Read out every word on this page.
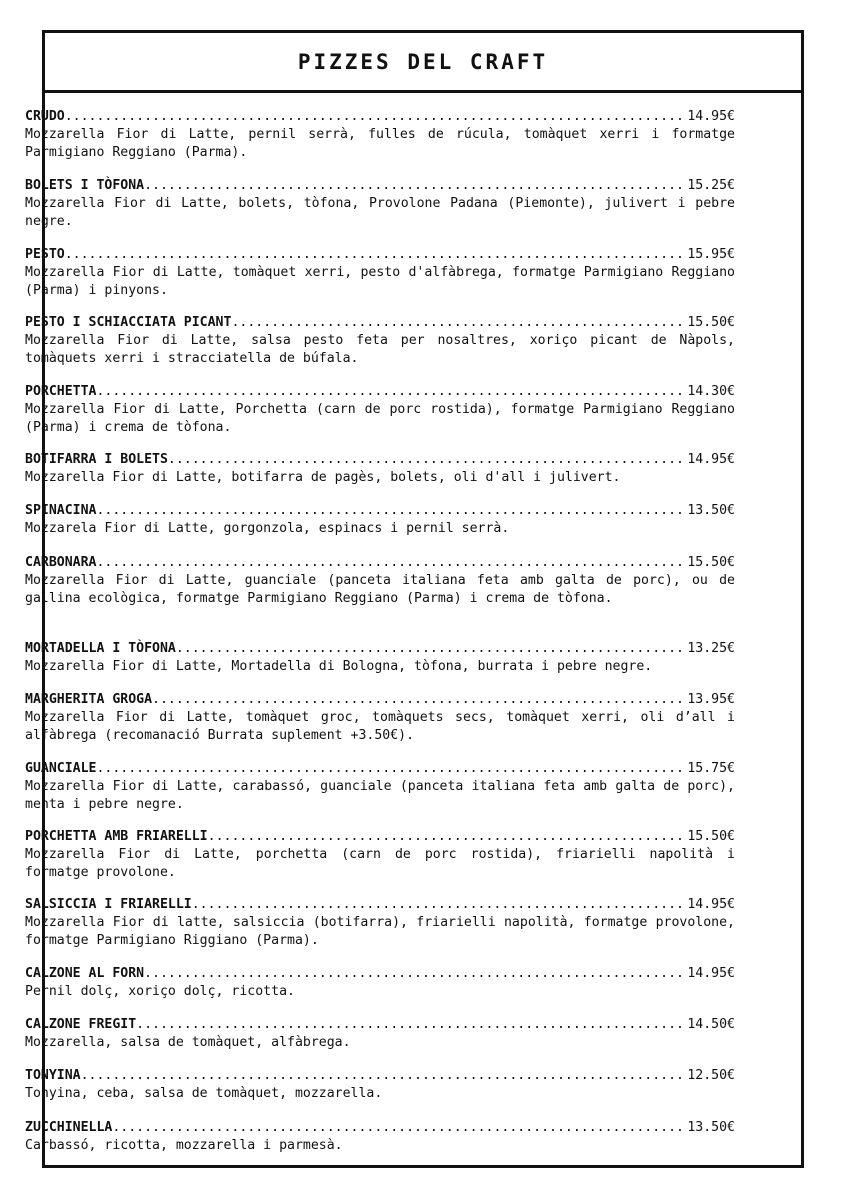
PIZZES DEL CRAFT
CRUDO .....	14.95€

Mozzarella Fior di Latte, pernil serrà, fulles de rúcula, tomàquet xerri i formatge Parmigiano Reggiano (Parma).

BOLETS I TÒFONA .....	15.25€

Mozzarella Fior di Latte, bolets, tòfona, Provolone Padana (Piemonte), julivert i pebre negre.

PESTO .....	15.95€

Mozzarella Fior di Latte, tomàquet xerri, pesto d'alfàbrega, formatge Parmigiano Reggiano (Parma) i pinyons.

PESTO I SCHIACCIATA PICANT .....	15.50€

Mozzarella Fior di Latte, salsa pesto feta per nosaltres, xoriço picant de Nàpols, tomàquets xerri i stracciatella de búfala.

PORCHETTA .....	14.30€

Mozzarella Fior di Latte, Porchetta (carn de porc rostida), formatge Parmigiano Reggiano (Parma) i crema de tòfona.

BOTIFARRA I BOLETS .....	14.95€

Mozzarella Fior di Latte, botifarra de pagès, bolets, oli d'all i julivert.

SPINACINA .....	13.50€

Mozzarela Fior di Latte, gorgonzola, espinacs i pernil serrà.

CARBONARA .....	15.50€

Mozzarella Fior di Latte, guanciale (panceta italiana feta amb galta de porc), ou de gallina ecològica, formatge Parmigiano Reggiano (Parma) i crema de tòfona.

MORTADELLA I TÒFONA .....	13.25€

Mozzarella Fior di Latte, Mortadella di Bologna, tòfona, burrata i pebre negre.

MARGHERITA GROGA .....	13.95€

Mozzarella Fior di Latte, tomàquet groc, tomàquets secs, tomàquet xerri, oli d’all i alfàbrega (recomanació Burrata suplement +3.50€).

GUANCIALE .....	15.75€

Mozzarella Fior di Latte, carabassó, guanciale (panceta italiana feta amb galta de porc), menta i pebre negre.

PORCHETTA AMB FRIARELLI .....	15.50€

Mozzarella Fior di Latte, porchetta (carn de porc rostida), friarielli napolità i formatge provolone.

SALSICCIA I FRIARELLI .....	14.95€

Mozzarella Fior di latte, salsiccia (botifarra), friarielli napolità, formatge provolone, formatge Parmigiano Riggiano (Parma).

CALZONE AL FORN .....	14.95€

Pernil dolç, xoriço dolç, ricotta.

CALZONE FREGIT .....	14.50€

Mozzarella, salsa de tomàquet, alfàbrega.

TONYINA .....	12.50€

Tonyina, ceba, salsa de tomàquet, mozzarella.

ZUCCHINELLA .....	13.50€

Carbassó, ricotta, mozzarella i parmesà.
